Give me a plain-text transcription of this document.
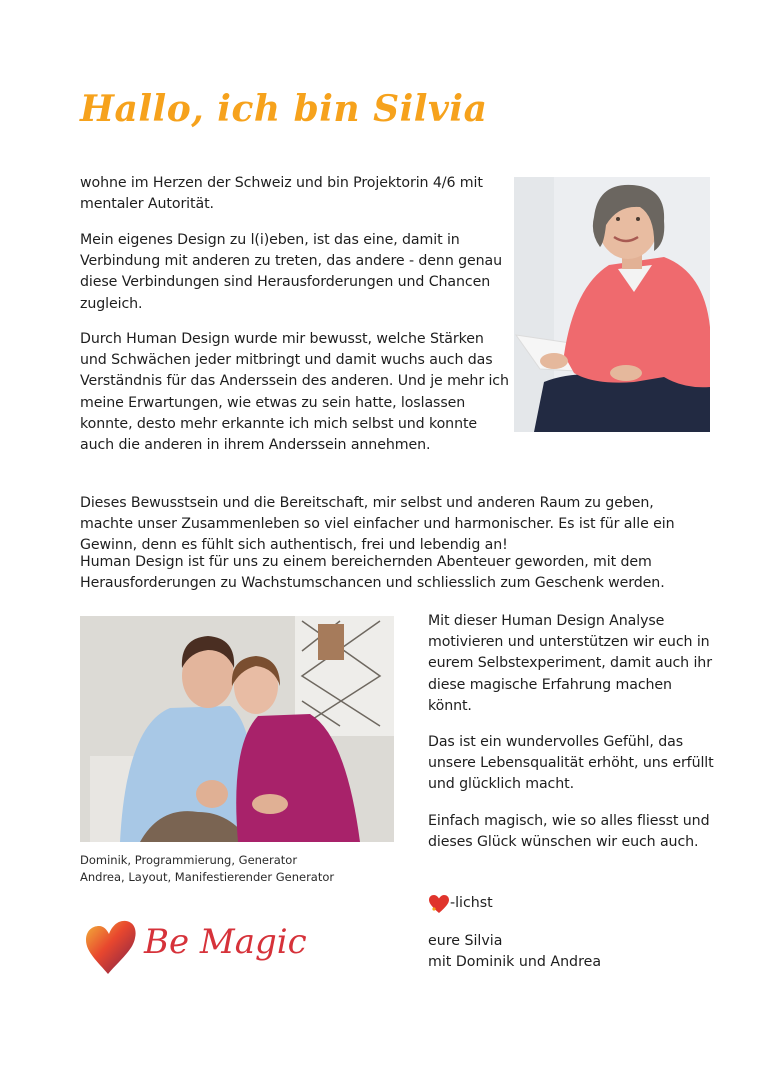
Hallo, ich bin Silvia

wohne im Herzen der Schweiz und bin Projektorin 4/6 mit mentaler Autorität.

Mein eigenes Design zu l(i)eben, ist das eine, damit in Verbindung mit anderen zu treten, das andere - denn genau diese Verbindungen sind Herausforderungen und Chancen zugleich.

Durch Human Design wurde mir bewusst, welche Stärken und Schwächen jeder mitbringt und damit wuchs auch das Verständnis für das Anderssein des anderen. Und je mehr ich meine Erwartungen, wie etwas zu sein hatte, loslassen konnte, desto mehr erkannte ich mich selbst und konnte auch die anderen in ihrem Anderssein annehmen.

Dieses Bewusstsein und die Bereitschaft, mir selbst und anderen Raum zu geben, machte unser Zusammenleben so viel einfacher und harmonischer. Es ist für alle ein Gewinn, denn es fühlt sich authentisch, frei und lebendig an!

Human Design ist für uns zu einem bereichernden Abenteuer geworden, mit dem Herausforderungen zu Wachstumschancen und schliesslich zum Geschenk werden.

Dominik, Programmierung, Generator
Andrea, Layout, Manifestierender Generator

Mit dieser Human Design Analyse motivieren und unterstützen wir euch in eurem Selbstexperiment, damit auch ihr diese magische Erfahrung machen könnt.

Das ist ein wundervolles Gefühl, das unsere Lebensqualität erhöht, uns erfüllt und glücklich macht.

Einfach magisch, wie so alles fliesst und dieses Glück wünschen wir euch auch.

-lichst
eure Silvia
mit Dominik und Andrea
Be Magic
